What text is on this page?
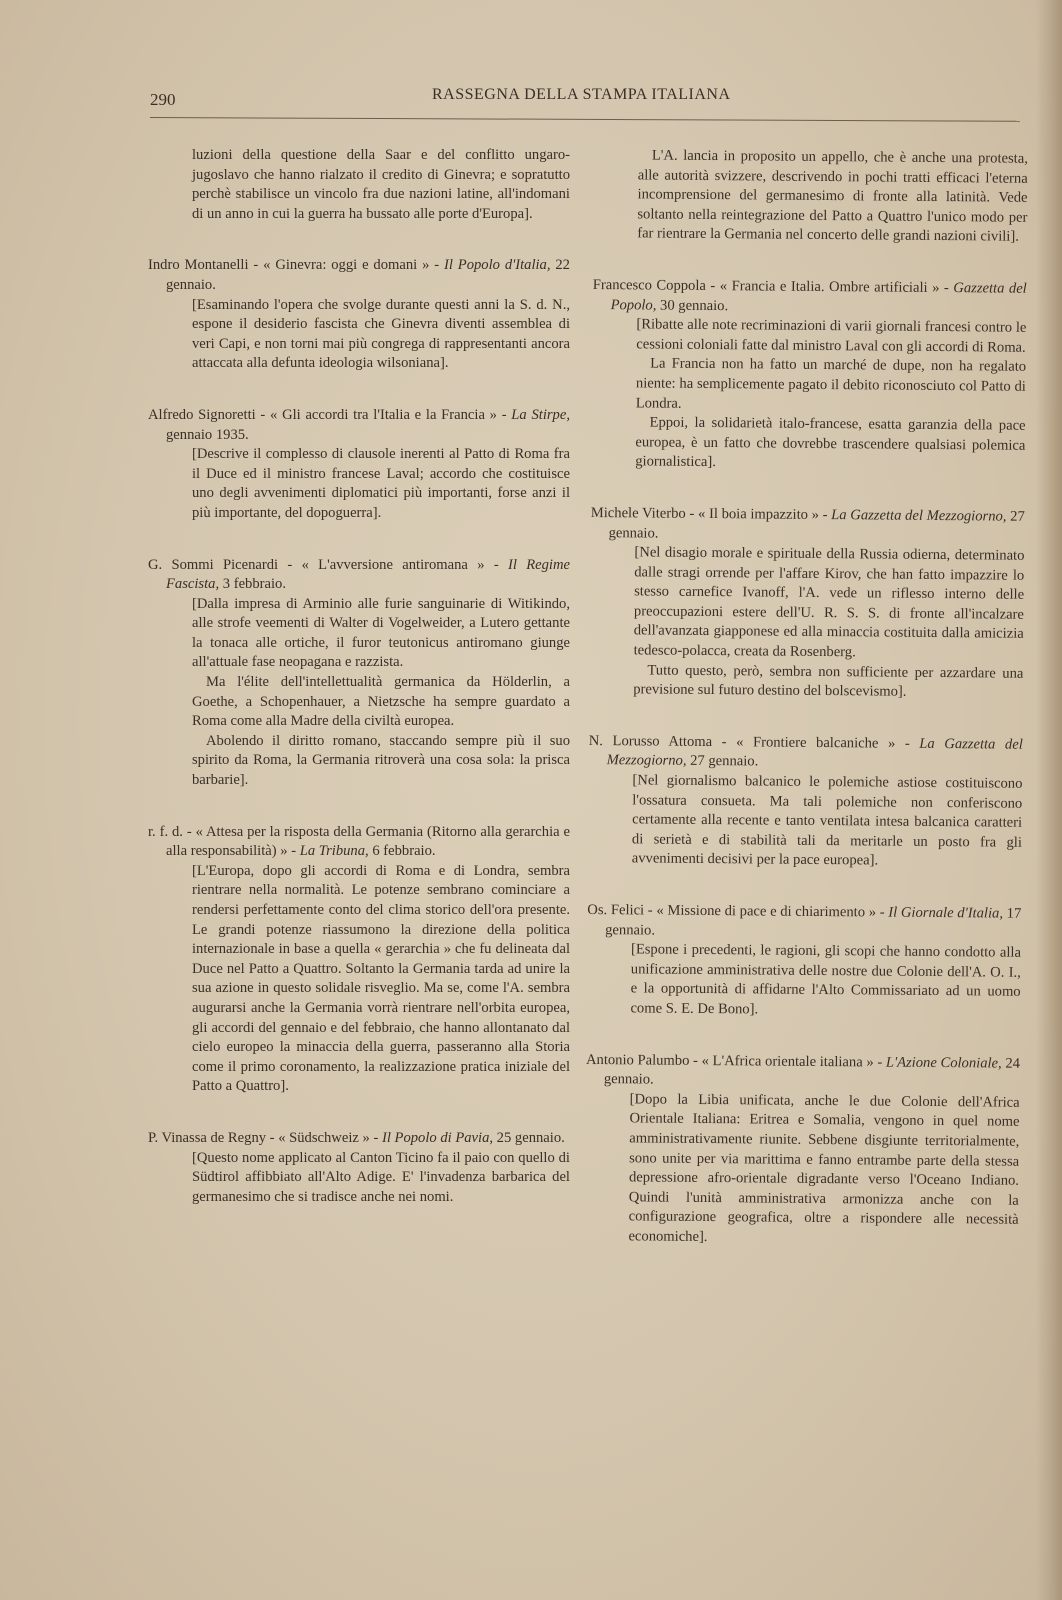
290	RASSEGNA DELLA STAMPA ITALIANA

luzioni della questione della Saar e del conflitto ungaro-jugoslavo che hanno rialzato il credito di Ginevra; e sopratutto perchè stabilisce un vincolo fra due nazioni latine, all'indomani di un anno in cui la guerra ha bussato alle porte d'Europa].

Indro Montanelli - « Ginevra: oggi e domani » - Il Popolo d'Italia, 22 gennaio.

[Esaminando l'opera che svolge durante questi anni la S. d. N., espone il desiderio fascista che Ginevra diventi assemblea di veri Capi, e non torni mai più congrega di rappresentanti ancora attaccata alla defunta ideologia wilsoniana].

Alfredo Signoretti - « Gli accordi tra l'Italia e la Francia » - La Stirpe, gennaio 1935.

[Descrive il complesso di clausole inerenti al Patto di Roma fra il Duce ed il ministro francese Laval; accordo che costituisce uno degli avvenimenti diplomatici più importanti, forse anzi il più importante, del dopoguerra].

G. Sommi Picenardi - « L'avversione antiromana » - Il Regime Fascista, 3 febbraio.

[Dalla impresa di Arminio alle furie sanguinarie di Witikindo, alle strofe veementi di Walter di Vogelweider, a Lutero gettante la tonaca alle ortiche, il furor teutonicus antiromano giunge all'attuale fase neopagana e razzista.

Ma l'élite dell'intellettualità germanica da Hölderlin, a Goethe, a Schopenhauer, a Nietzsche ha sempre guardato a Roma come alla Madre della civiltà europea.

Abolendo il diritto romano, staccando sempre più il suo spirito da Roma, la Germania ritroverà una cosa sola: la prisca barbarie].

r. f. d. - « Attesa per la risposta della Germania (Ritorno alla gerarchia e alla responsabilità) » - La Tribuna, 6 febbraio.

[L'Europa, dopo gli accordi di Roma e di Londra, sembra rientrare nella normalità. Le potenze sembrano cominciare a rendersi perfettamente conto del clima storico dell'ora presente. Le grandi potenze riassumono la direzione della politica internazionale in base a quella « gerarchia » che fu delineata dal Duce nel Patto a Quattro. Soltanto la Germania tarda ad unire la sua azione in questo solidale risveglio. Ma se, come l'A. sembra augurarsi anche la Germania vorrà rientrare nell'orbita europea, gli accordi del gennaio e del febbraio, che hanno allontanato dal cielo europeo la minaccia della guerra, passeranno alla Storia come il primo coronamento, la realizzazione pratica iniziale del Patto a Quattro].

P. Vinassa de Regny - « Südschweiz » - Il Popolo di Pavia, 25 gennaio.

[Questo nome applicato al Canton Ticino fa il paio con quello di Südtirol affibbiato all'Alto Adige. E' l'invadenza barbarica del germanesimo che si tradisce anche nei nomi.

L'A. lancia in proposito un appello, che è anche una protesta, alle autorità svizzere, descrivendo in pochi tratti efficaci l'eterna incomprensione del germanesimo di fronte alla latinità. Vede soltanto nella reintegrazione del Patto a Quattro l'unico modo per far rientrare la Germania nel concerto delle grandi nazioni civili].

Francesco Coppola - « Francia e Italia. Ombre artificiali » - Gazzetta del Popolo, 30 gennaio.

[Ribatte alle note recriminazioni di varii giornali francesi contro le cessioni coloniali fatte dal ministro Laval con gli accordi di Roma.

La Francia non ha fatto un marché de dupe, non ha regalato niente: ha semplicemente pagato il debito riconosciuto col Patto di Londra.

Eppoi, la solidarietà italo-francese, esatta garanzia della pace europea, è un fatto che dovrebbe trascendere qualsiasi polemica giornalistica].

Michele Viterbo - « Il boia impazzito » - La Gazzetta del Mezzogiorno, 27 gennaio.

[Nel disagio morale e spirituale della Russia odierna, determinato dalle stragi orrende per l'affare Kirov, che han fatto impazzire lo stesso carnefice Ivanoff, l'A. vede un riflesso interno delle preoccupazioni estere dell'U. R. S. S. di fronte all'incalzare dell'avanzata giapponese ed alla minaccia costituita dalla amicizia tedesco-polacca, creata da Rosenberg.

Tutto questo, però, sembra non sufficiente per azzardare una previsione sul futuro destino del bolscevismo].

N. Lorusso Attoma - « Frontiere balcaniche » - La Gazzetta del Mezzogiorno, 27 gennaio.

[Nel giornalismo balcanico le polemiche astiose costituiscono l'ossatura consueta. Ma tali polemiche non conferiscono certamente alla recente e tanto ventilata intesa balcanica caratteri di serietà e di stabilità tali da meritarle un posto fra gli avvenimenti decisivi per la pace europea].

Os. Felici - « Missione di pace e di chiarimento » - Il Giornale d'Italia, 17 gennaio.

[Espone i precedenti, le ragioni, gli scopi che hanno condotto alla unificazione amministrativa delle nostre due Colonie dell'A. O. I., e la opportunità di affidarne l'Alto Commissariato ad un uomo come S. E. De Bono].

Antonio Palumbo - « L'Africa orientale italiana » - L'Azione Coloniale, 24 gennaio.

[Dopo la Libia unificata, anche le due Colonie dell'Africa Orientale Italiana: Eritrea e Somalia, vengono in quel nome amministrativamente riunite. Sebbene disgiunte territorialmente, sono unite per via marittima e fanno entrambe parte della stessa depressione afro-orientale digradante verso l'Oceano Indiano. Quindi l'unità amministrativa armonizza anche con la configurazione geografica, oltre a rispondere alle necessità economiche].
